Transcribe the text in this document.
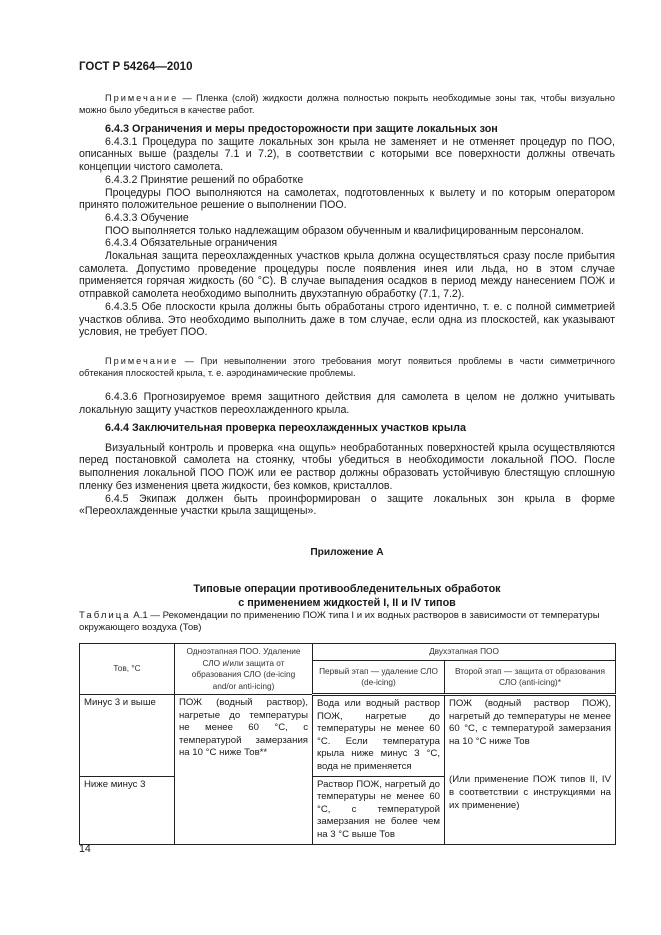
ГОСТ Р 54264—2010

Примечание — Пленка (слой) жидкости должна полностью покрыть необходимые зоны так, чтобы визуально можно было убедиться в качестве работ.

6.4.3 Ограничения и меры предосторожности при защите локальных зон

6.4.3.1 Процедура по защите локальных зон крыла не заменяет и не отменяет процедур по ПОО, описанных выше (разделы 7.1 и 7.2), в соответствии с которыми все поверхности должны отвечать концепции чистого самолета.

6.4.3.2 Принятие решений по обработке

Процедуры ПОО выполняются на самолетах, подготовленных к вылету и по которым оператором принято положительное решение о выполнении ПОО.

6.4.3.3 Обучение

ПОО выполняется только надлежащим образом обученным и квалифицированным персоналом.

6.4.3.4 Обязательные ограничения

Локальная защита переохлажденных участков крыла должна осуществляться сразу после прибытия самолета. Допустимо проведение процедуры после появления инея или льда, но в этом случае применяется горячая жидкость (60 °С). В случае выпадения осадков в период между нанесением ПОЖ и отправкой самолета необходимо выполнить двухэтапную обработку (7.1, 7.2).

6.4.3.5 Обе плоскости крыла должны быть обработаны строго идентично, т. е. с полной симметрией участков облива. Это необходимо выполнить даже в том случае, если одна из плоскостей, как указывают условия, не требует ПОО.

Примечание — При невыполнении этого требования могут появиться проблемы в части симметричного обтекания плоскостей крыла, т. е. аэродинамические проблемы.

6.4.3.6 Прогнозируемое время защитного действия для самолета в целом не должно учитывать локальную защиту участков переохлажденного крыла.

6.4.4 Заключительная проверка переохлажденных участков крыла

Визуальный контроль и проверка «на ощупь» необработанных поверхностей крыла осуществляются перед постановкой самолета на стоянку, чтобы убедиться в необходимости локальной ПОО. После выполнения локальной ПОО ПОЖ или ее раствор должны образовать устойчивую блестящую сплошную пленку без изменения цвета жидкости, без комков, кристаллов.

6.4.5 Экипаж должен быть проинформирован о защите локальных зон крыла в форме «Переохлажденные участки крыла защищены».

Приложение А
Типовые операции противообледенительных обработок
с применением жидкостей I, II и IV типов
Таблица А.1 — Рекомендации по применению ПОЖ типа I и их водных растворов в зависимости от температуры окружающего воздуха (Тов)
Тов, °С	Одноэтапная ПОО. Удаление СЛО и/или защита от образования СЛО (de-icing and/or anti-icing)	Двухэтапная ПОО	
		Первый этап — удаление СЛО (de-icing)	Второй этап — защита от образования СЛО (anti-icing)*
Минус 3 и выше	ПОЖ (водный раствор), нагретые до температуры не менее 60 °С, с температурой замерзания на 10 °С ниже Тов**	Вода или водный раствор ПОЖ, нагретые до температуры не менее 60 °С. Если температура крыла ниже минус 3 °С, вода не применяется	ПОЖ (водный раствор ПОЖ), нагретый до температуры не менее 60 °С, с температурой замерзания на 10 °С ниже Тов
(Или применение ПОЖ типов II, IV в соответствии с инструкциями на их применение)

Ниже минус 3		Раствор ПОЖ, нагретый до температуры не менее 60 °С, с температурой замерзания не более чем на 3 °С выше Тов	
14
